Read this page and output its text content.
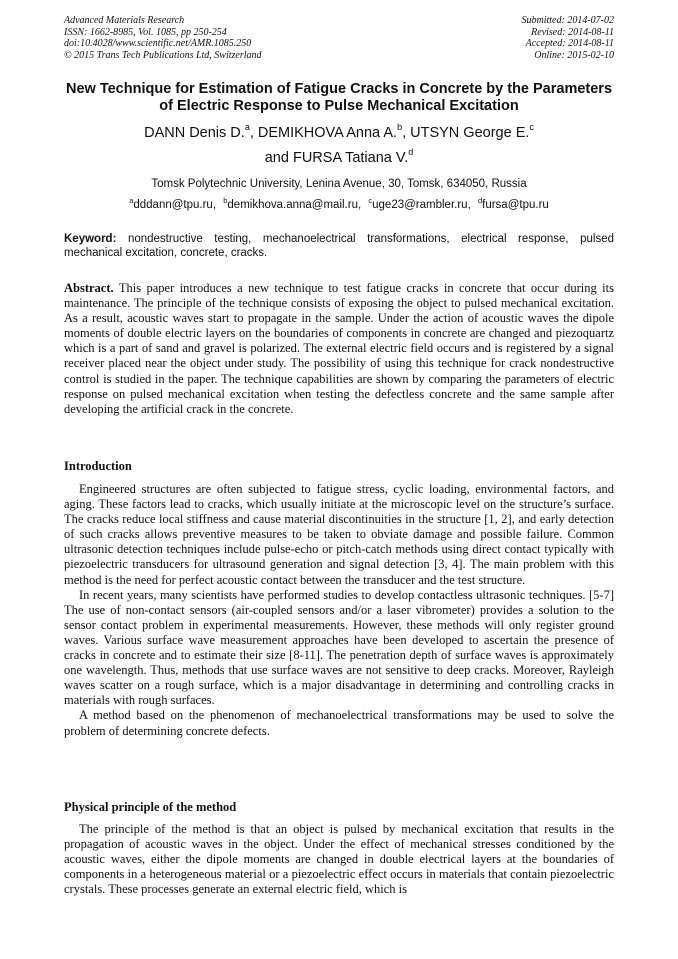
Advanced Materials Research
ISSN: 1662-8985, Vol. 1085, pp 250-254
doi:10.4028/www.scientific.net/AMR.1085.250
© 2015 Trans Tech Publications Ltd, Switzerland
Submitted: 2014-07-02
Revised: 2014-08-11
Accepted: 2014-08-11
Online: 2015-02-10
New Technique for Estimation of Fatigue Cracks in Concrete by the Parameters of Electric Response to Pulse Mechanical Excitation
DANN Denis D.$^a$, DEMIKHOVA Anna A.$^b$, UTSYN George E.$^c$
and FURSA Tatiana V.$^d$
Tomsk Polytechnic University, Lenina Avenue, 30, Tomsk, 634050, Russia
$^a$dddann@tpu.ru, $^b$demikhova.anna@mail.ru, $^c$uge23@rambler.ru, $^d$fursa@tpu.ru
Keyword: nondestructive testing, mechanoelectrical transformations, electrical response, pulsed mechanical excitation, concrete, cracks.

Abstract. This paper introduces a new technique to test fatigue cracks in concrete that occur during its maintenance. The principle of the technique consists of exposing the object to pulsed mechanical excitation. As a result, acoustic waves start to propagate in the sample. Under the action of acoustic waves the dipole moments of double electric layers on the boundaries of components in concrete are changed and piezoquartz which is a part of sand and gravel is polarized. The external electric field occurs and is registered by a signal receiver placed near the object under study. The possibility of using this technique for crack nondestructive control is studied in the paper. The technique capabilities are shown by comparing the parameters of electric response on pulsed mechanical excitation when testing the defectless concrete and the same sample after developing the artificial crack in the concrete.

Introduction

Engineered structures are often subjected to fatigue stress, cyclic loading, environmental factors, and aging. These factors lead to cracks, which usually initiate at the microscopic level on the structure’s surface. The cracks reduce local stiffness and cause material discontinuities in the structure [1, 2], and early detection of such cracks allows preventive measures to be taken to obviate damage and possible failure. Common ultrasonic detection techniques include pulse-echo or pitch-catch methods using direct contact typically with piezoelectric transducers for ultrasound generation and signal detection [3, 4]. The main problem with this method is the need for perfect acoustic contact between the transducer and the test structure.

In recent years, many scientists have performed studies to develop contactless ultrasonic techniques. [5-7] The use of non-contact sensors (air-coupled sensors and/or a laser vibrometer) provides a solution to the sensor contact problem in experimental measurements. However, these methods will only register ground waves. Various surface wave measurement approaches have been developed to ascertain the presence of cracks in concrete and to estimate their size [8-11]. The penetration depth of surface waves is approximately one wavelength. Thus, methods that use surface waves are not sensitive to deep cracks. Moreover, Rayleigh waves scatter on a rough surface, which is a major disadvantage in determining and controlling cracks in materials with rough surfaces.

A method based on the phenomenon of mechanoelectrical transformations may be used to solve the problem of determining concrete defects.

Physical principle of the method

The principle of the method is that an object is pulsed by mechanical excitation that results in the propagation of acoustic waves in the object. Under the effect of mechanical stresses conditioned by the acoustic waves, either the dipole moments are changed in double electrical layers at the boundaries of components in a heterogeneous material or a piezoelectric effect occurs in materials that contain piezoelectric crystals. These processes generate an external electric field, which is
